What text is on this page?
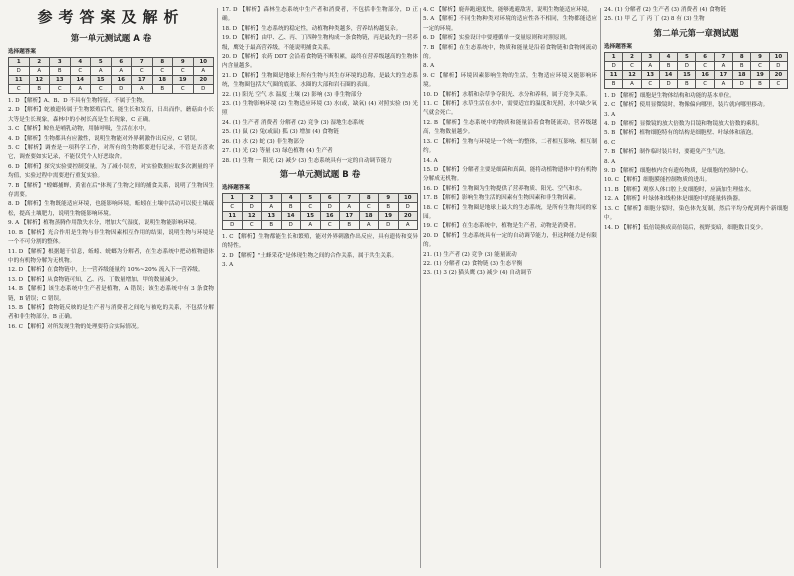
参考答案及解析
第一单元测试题 A 卷
选择题答案
1	2	3	4	5	6	7	8	9	10
D	A	B	C	A	A	C	C	C	A
11	12	13	14	15	16	17	18	19	20
C	B	C	A	C	D	A	B	C	D

1. D 【解析】A、B、D 不具有生物特征，不属于生物。

2. D 【解析】蛇被遗传属于生物繁殖后代，能生长和发育，日出而作，蘑菇由小长大等是生长现象，森林中的小树长高是生长现象，C 正确。

3. C 【解析】鲸鱼是哺乳动物，用肺呼吸，生活在水中。

4. D 【解析】生物都具有应激性，说明生物能对外界刺激作出反应，C 错误。

5. C 【解析】调查是一项科学工作，对所有的生物都要进行记录，不管是否喜欢它，调查要如实记录，不能仅凭个人好恶取舍。

6. D 【解析】探究实验要控制变量，为了减小误差，对实验数据应取多次测量的平均值，实验过程中需要进行重复实验。

7. B 【解析】"螳螂捕蝉，黄雀在后"体现了生物之间的捕食关系，说明了生物因生存需要。

8. D 【解析】生物既能适应环境，也能影响环境，蚯蚓在土壤中活动可以使土壤疏松，提高土壤肥力，说明生物能影响环境。

9. A 【解析】植物蒸腾作用散失水分，增加大气湿度，说明生物能影响环境。

10. B 【解析】光合作用是生物与非生物因素相互作用的结果，说明生物与环境是一个不可分割的整体。

11. D 【解析】根据题干信息，蚯蚓、蜣螂为分解者，在生态系统中把动植物遗体中的有机物分解为无机物。

12. D 【解析】在食物链中，上一营养级能量约 10%~20% 流入下一营养级。

13. D 【解析】从食物链可知，乙、丙、丁数量增加，甲的数量减少。

14. B 【解析】该生态系统中生产者是植物，A 错误；该生态系统中有 3 条食物链，B 错误；C 错误。

15. B 【解析】食物链反映的是生产者与消费者之间吃与被吃的关系，不包括分解者和非生物部分，B 正确。

16. C 【解析】对所发现生物的处理要符合实际情况。

17. D 【解析】森林生态系统中生产者和消费者，不包括非生物部分，D 正确。

18. D 【解析】生态系统的稳定性，动植物种类越多，营养结构越复杂。

19. D 【解析】由甲、乙、丙、丁四种生物构成一条食物链，丙是最先的一营养级，鹰处于最高营养级，不能说明捕食关系。

20. D 【解析】农药 DDT 会沿着食物链不断积累，最终在营养级越高的生物体内含量越多。

21. D 【解析】生物圈是地球上所有生物与其生存环境的总称，是最大的生态系统，生物圈包括大气圈的底部、水圈的大部和岩石圈的表面。

22. (1) 阳光 空气 水 温度 土壤 (2) 影响 (3) 非生物部分

23. (1) 生物影响环境 (2) 生物适应环境 (3) 水(或，缺氧) (4) 对照实验 (5) 光照

24. (1) 生产者 消费者 分解者 (2) 竞争 (3) 湿地生态系统

25. (1) 鼠 (2) 兔(或鼠) 狐 (3) 增加 (4) 食物链

26. (1) 水 (2) 蛇 (3) 非生物部分

27. (1) 光 (2) 等量 (3) 绿色植物 (4) 生产者

28. (1) 生物 一 阳光 (2) 减少 (3) 生态系统具有一定的自动调节能力

第一单元测试题 B 卷
选择题答案
1	2	3	4	5	6	7	8	9	10
C	D	A	B	C	D	A	C	B	D
11	12	13	14	15	16	17	18	19	20
D	C	B	D	A	C	B	A	D	A

1. C 【解析】生物都能生长和繁殖，能对外界刺激作出反应，具有遗传和变异的特性。

2. D 【解析】"土蜂采花"是体现生物之间的合作关系，属于共生关系。

3. A

4. C 【解析】鹿奔跑速度快，能够逃避敌害，说明生物能适应环境。

5. A 【解析】不同生物种类对环境的适应性各不相同，生物都能适应一定的环境。

6. D 【解析】实验设计中要遵循单一变量原则和对照原则。

7. B 【解析】在生态系统中，物质和能量是沿着食物链和食物网流动的。

8. A

9. C 【解析】环境因素影响生物的生活，生物适应环境又能影响环境。

10. D 【解析】水稻和杂草争夺阳光、水分和养料，属于竞争关系。

11. C 【解析】水草生活在水中，需要适宜的温度和光照，水中缺少氧气就会死亡。

12. B 【解析】生态系统中的物质和能量沿着食物链流动，营养级越高，生物数量越少。

13. C 【解析】生物与环境是一个统一的整体，二者相互影响、相互制约。

14. A

15. D 【解析】分解者主要是细菌和真菌，能将动植物遗体中的有机物分解成无机物。

16. D 【解析】生物圈为生物提供了营养物质、阳光、空气和水。

17. B 【解析】影响生物生活的因素有生物因素和非生物因素。

18. C 【解析】生物圈是地球上最大的生态系统，是所有生物共同的家园。

19. C 【解析】在生态系统中，植物是生产者，动物是消费者。

20. D 【解析】生态系统具有一定的自动调节能力，但这种能力是有限的。

21. (1) 生产者 (2) 竞争 (3) 能量流动

22. (1) 分解者 (2) 食物链 (3) 生态平衡

23. (1) 3 (2) 猫头鹰 (3) 减少 (4) 自动调节

24. (1) 分解者 (2) 生产者 (3) 消费者 (4) 食物链

25. (1) 甲 乙 丁 丙 丁 (2) 8 有 (3) 生物

第二单元第一章测试题
选择题答案
1	2	3	4	5	6	7	8	9	10
D	C	A	B	D	C	A	B	C	D
11	12	13	14	15	16	17	18	19	20
B	A	C	D	B	C	A	D	B	C

1. D 【解析】细胞是生物体结构和功能的基本单位。

2. C 【解析】使用显微镜时，物像偏向哪里，装片就向哪里移动。

3. A

4. D 【解析】显微镜的放大倍数为目镜和物镜放大倍数的乘积。

5. B 【解析】植物细胞特有的结构是细胞壁、叶绿体和液泡。

6. C

7. B 【解析】制作临时装片时，要避免产生气泡。

8. A

9. D 【解析】细胞核内含有遗传物质，是细胞的控制中心。

10. C 【解析】细胞膜能控制物质的进出。

11. B 【解析】观察人体口腔上皮细胞时，应滴加生理盐水。

12. A 【解析】叶绿体和线粒体是细胞中的能量转换器。

13. C 【解析】细胞分裂时，染色体先复制，然后平均分配到两个新细胞中。

14. D 【解析】低倍镜换成高倍镜后，视野变暗，细胞数目变少。
